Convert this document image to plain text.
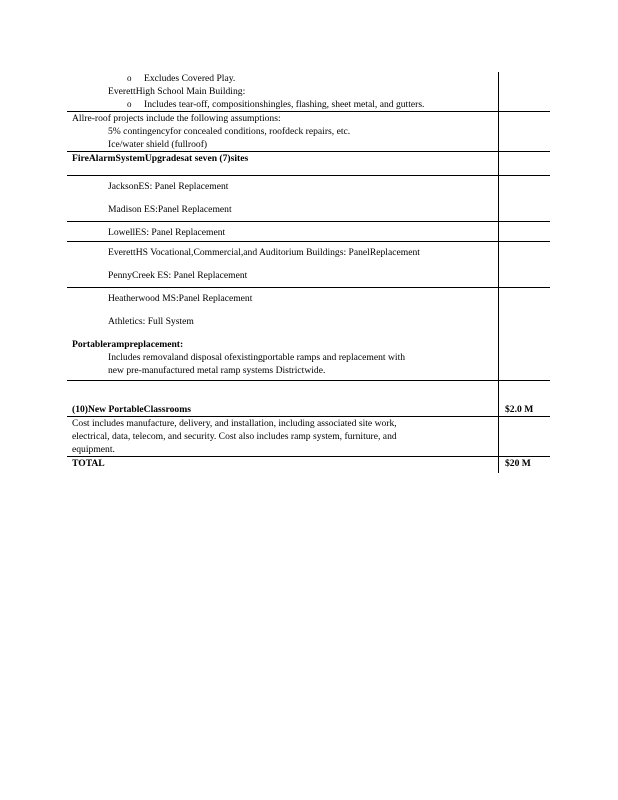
o Excludes Covered Play.
EverettHigh School Main Building:
o Includes tear-off, compositionshingles, flashing, sheet metal, and gutters.	

Allre-roof projects include the following assumptions:
5% contingencyfor concealed conditions, roofdeck repairs, etc.
Ice/water shield (fullroof)	

FireAlarmSystemUpgradesat seven (7)sites	

JacksonES: Panel Replacement
Madison ES:Panel Replacement	

LowellES: Panel Replacement	

EverettHS Vocational,Commercial,and Auditorium Buildings: PanelReplacement
PennyCreek ES: Panel Replacement	

Heatherwood MS:Panel Replacement
Athletics: Full System
Portablerampreplacement:
Includes removaland disposal ofexistingportable ramps and replacement with
new pre-manufactured metal ramp systems Districtwide.	

(10)New PortableClassrooms	$2.0 M

Cost includes manufacture, delivery, and installation, including associated site work,
electrical, data, telecom, and security. Cost also includes ramp system, furniture, and
equipment.	

TOTAL	$20 M
